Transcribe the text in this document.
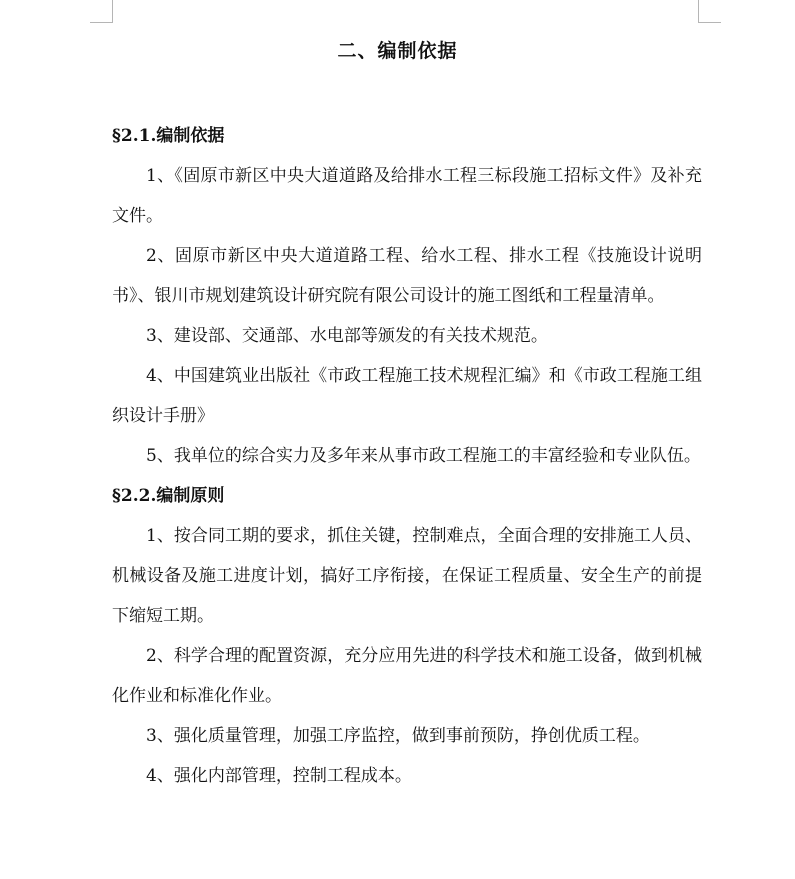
二、编制依据

§2.1.编制依据

1、《固原市新区中央大道道路及给排水工程三标段施工招标文件》及补充文件。

2、固原市新区中央大道道路工程、给水工程、排水工程《技施设计说明书》、银川市规划建筑设计研究院有限公司设计的施工图纸和工程量清单。

3、建设部、交通部、水电部等颁发的有关技术规范。

4、中国建筑业出版社《市政工程施工技术规程汇编》和《市政工程施工组织设计手册》

5、我单位的综合实力及多年来从事市政工程施工的丰富经验和专业队伍。

§2.2.编制原则

1、按合同工期的要求，抓住关键，控制难点，全面合理的安排施工人员、机械设备及施工进度计划，搞好工序衔接，在保证工程质量、安全生产的前提下缩短工期。

2、科学合理的配置资源，充分应用先进的科学技术和施工设备，做到机械化作业和标准化作业。

3、强化质量管理，加强工序监控，做到事前预防，挣创优质工程。

4、强化内部管理，控制工程成本。
